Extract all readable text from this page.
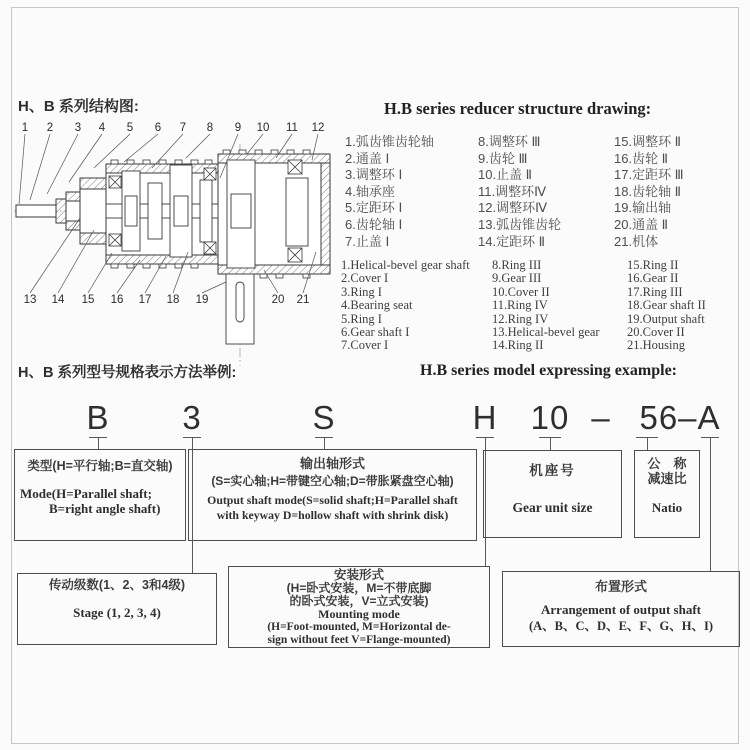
H、B 系列结构图:	H.B series reducer structure drawing:
1 2 3 4 5 6 7 8 9 10 11 12
13 14 15 16 17 18 19	20 21
1.弧齿锥齿轮轴
2.通盖 Ⅰ
3.调整环 Ⅰ
4.轴承座
5.定距环 Ⅰ
6.齿轮轴 Ⅰ
7.止盖 Ⅰ
8.调整环 Ⅲ
9.齿轮 Ⅲ
10.止盖 Ⅱ
11.调整环Ⅳ
12.调整环Ⅳ
13.弧齿锥齿轮
14.定距环 Ⅱ
15.调整环 Ⅱ
16.齿轮 Ⅱ
17.定距环 Ⅲ
18.齿轮轴 Ⅱ
19.输出轴
20.通盖 Ⅱ
21.机体
1.Helical-bevel gear shaft
2.Cover I
3.Ring I
4.Bearing seat
5.Ring I
6.Gear shaft I
7.Cover I
8.Ring III
9.Gear III
10.Cover II
11.Ring IV
12.Ring IV
13.Helical-bevel gear
14.Ring II
15.Ring II
16.Gear II
17.Ring III
18.Gear shaft II
19.Output shaft
20.Cover II
21.Housing
H、B 系列型号规格表示方法举例:	H.B series model expressing example:
B 3	S	H 10 – 56–A
类型(H=平行轴;B=直交轴)
Mode(H=Parallel shaft;
B=right angle shaft)
输出轴形式
(S=实心轴;H=带键空心轴;D=带胀紧盘空心轴)
Output shaft mode(S=solid shaft;H=Parallel shaft
with keyway D=hollow shaft with shrink disk)
机座号
Gear unit size
公　称
减速比
Natio
传动级数(1、2、3和4级)
Stage (1, 2, 3, 4)
安装形式
(H=卧式安装，M=不带底脚
的卧式安装，V=立式安装)
Mounting mode
(H=Foot-mounted, M=Horizontal de-
sign without feet V=Flange-mounted)
布置形式
Arrangement of output shaft
(A、B、C、D、E、F、G、H、I)
